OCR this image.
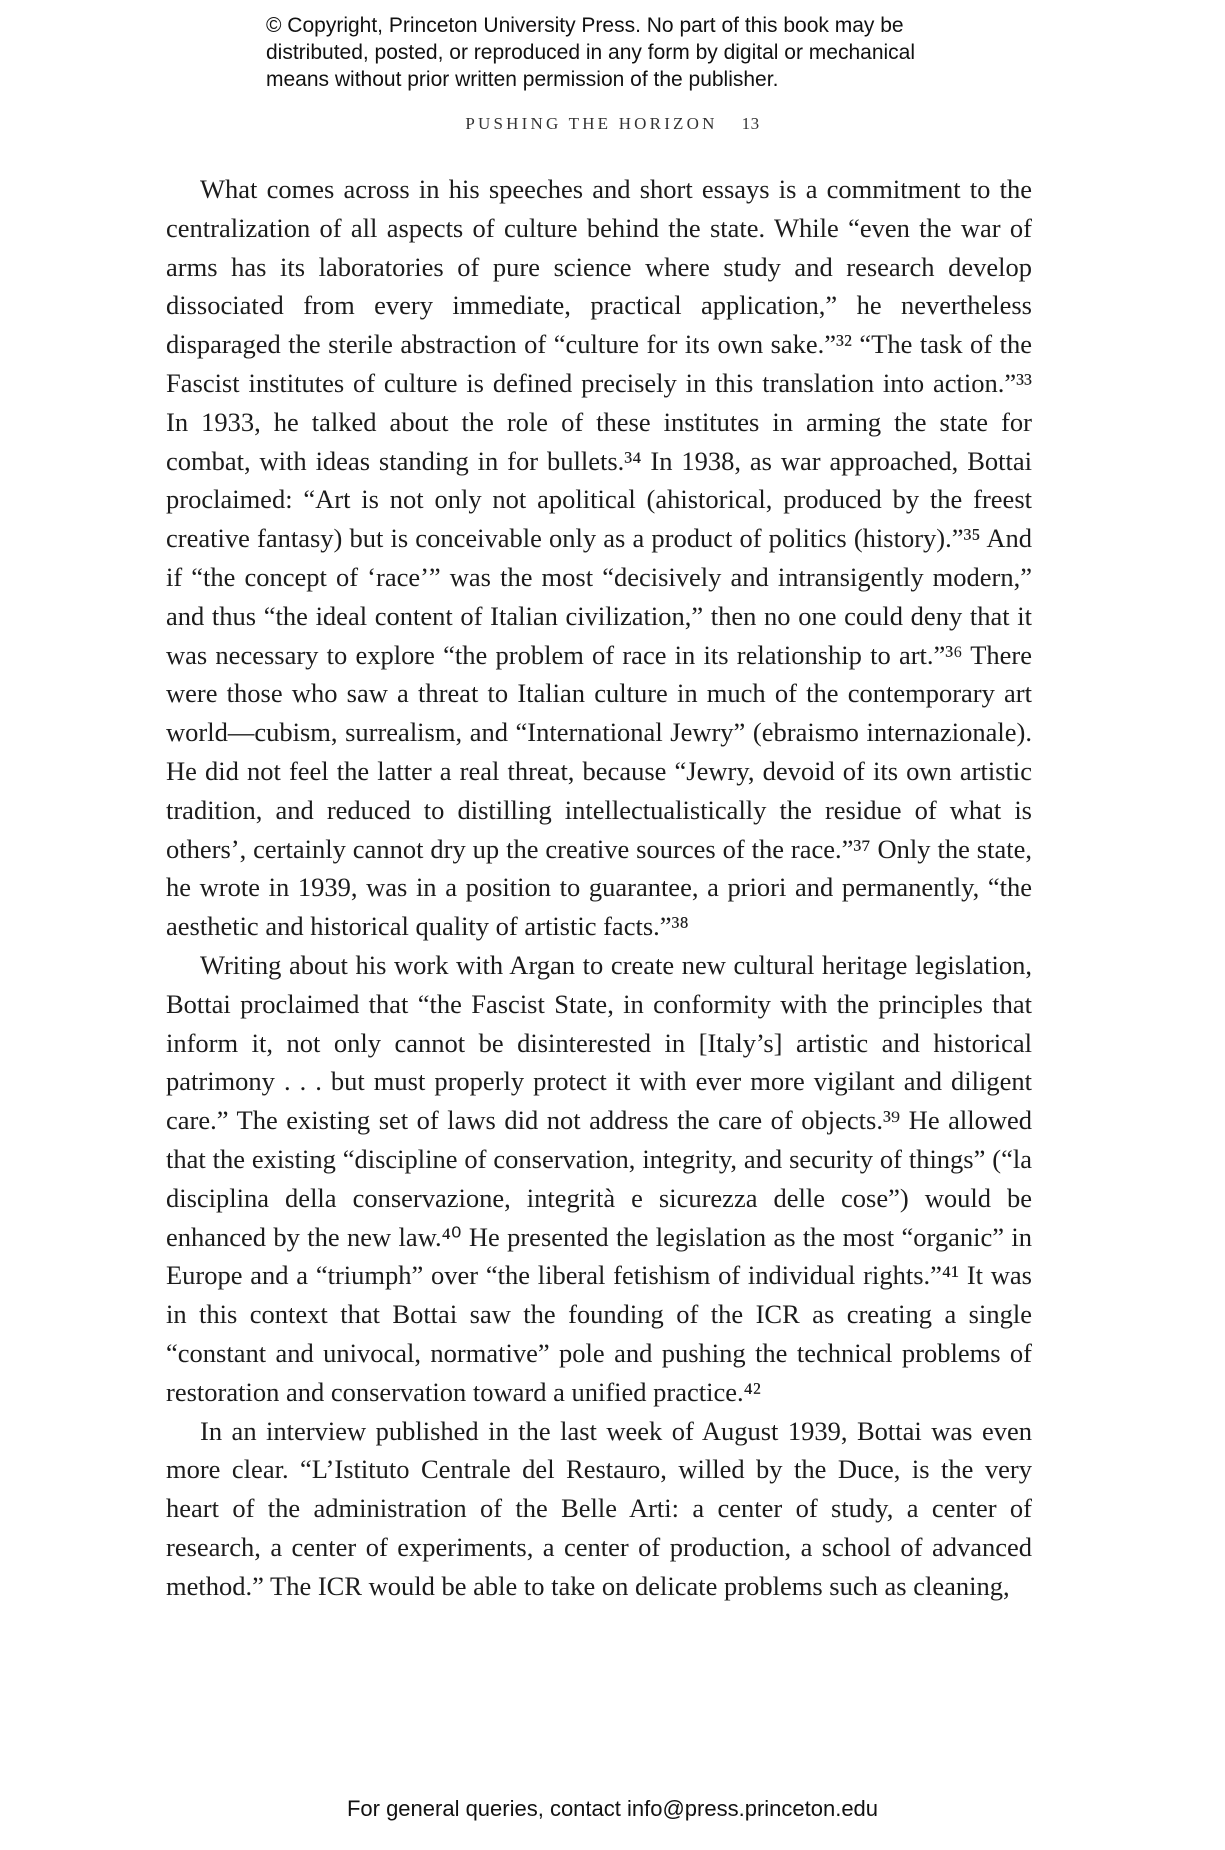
© Copyright, Princeton University Press. No part of this book may be
distributed, posted, or reproduced in any form by digital or mechanical
means without prior written permission of the publisher.
PUSHING THE HORIZON 13

What comes across in his speeches and short essays is a commitment to the centralization of all aspects of culture behind the state. While “even the war of arms has its laboratories of pure science where study and research develop dissociated from every immediate, practical application,” he nevertheless disparaged the sterile abstraction of “culture for its own sake.”³² “The task of the Fascist institutes of culture is defined precisely in this translation into action.”³³ In 1933, he talked about the role of these institutes in arming the state for combat, with ideas standing in for bullets.³⁴ In 1938, as war approached, Bottai proclaimed: “Art is not only not apolitical (ahistorical, produced by the freest creative fantasy) but is conceivable only as a product of politics (history).”³⁵ And if “the concept of ‘race’” was the most “decisively and intransigently modern,” and thus “the ideal content of Italian civilization,” then no one could deny that it was necessary to explore “the problem of race in its relationship to art.”³⁶ There were those who saw a threat to Italian culture in much of the contemporary art world—cubism, surrealism, and “International Jewry” (ebraismo internazionale). He did not feel the latter a real threat, because “Jewry, devoid of its own artistic tradition, and reduced to distilling intellectualistically the residue of what is others’, certainly cannot dry up the creative sources of the race.”³⁷ Only the state, he wrote in 1939, was in a position to guarantee, a priori and permanently, “the aesthetic and historical quality of artistic facts.”³⁸

Writing about his work with Argan to create new cultural heritage legislation, Bottai proclaimed that “the Fascist State, in conformity with the principles that inform it, not only cannot be disinterested in [Italy’s] artistic and historical patrimony . . . but must properly protect it with ever more vigilant and diligent care.” The existing set of laws did not address the care of objects.³⁹ He allowed that the existing “discipline of conservation, integrity, and security of things” (“la disciplina della conservazione, integrità e sicurezza delle cose”) would be enhanced by the new law.⁴⁰ He presented the legislation as the most “organic” in Europe and a “triumph” over “the liberal fetishism of individual rights.”⁴¹ It was in this context that Bottai saw the founding of the ICR as creating a single “constant and univocal, normative” pole and pushing the technical problems of restoration and conservation toward a unified practice.⁴²

In an interview published in the last week of August 1939, Bottai was even more clear. “L’Istituto Centrale del Restauro, willed by the Duce, is the very heart of the administration of the Belle Arti: a center of study, a center of research, a center of experiments, a center of production, a school of advanced method.” The ICR would be able to take on delicate problems such as cleaning,

For general queries, contact info@press.princeton.edu
